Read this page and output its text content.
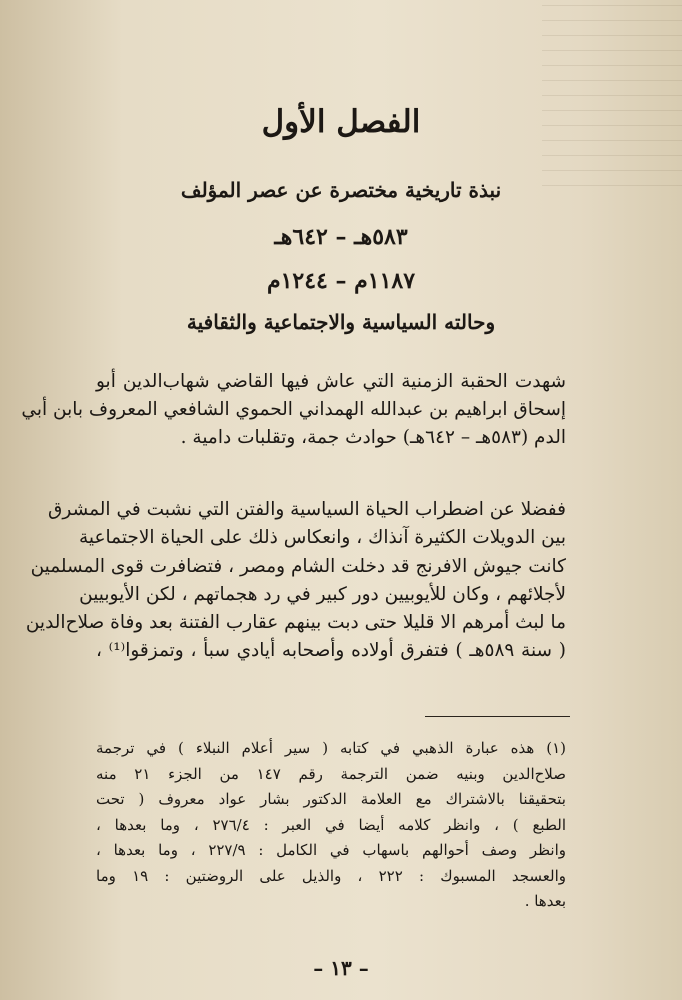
الفصل الأول
نبذة تاريخية مختصرة عن عصر المؤلف
٥٨٣هـ – ٦٤٢هـ
١١٨٧م – ١٢٤٤م
وحالته السياسية والاجتماعية والثقافية
شهدت الحقبة الزمنية التي عاش فيها القاضي شهاب‌الدين أبو
إسحاق ابراهيم بن عبدالله الهمداني الحموي الشافعي المعروف بابن أبي
الدم (٥٨٣هـ – ٦٤٢هـ) حوادث جمة، وتقلبات دامية .
ففضلا عن اضطراب الحياة السياسية والفتن التي نشبت في المشرق
بين الدويلات الكثيرة آنذاك ، وانعكاس ذلك على الحياة الاجتماعية
كانت جيوش الافرنج قد دخلت الشام ومصر ، فتضافرت قوى المسلمين
لأجلائهم ، وكان للأيوبيين دور كبير في رد هجماتهم ، لكن الأيوبيين
ما لبث أمرهم الا قليلا حتى دبت بينهم عقارب الفتنة بعد وفاة صلاح‌الدين
( سنة ٥٨٩هـ ) فتفرق أولاده وأصحابه أيادي سبأ ، وتمزقوا⁽¹⁾ ،
(١) هذه عبارة الذهبي في كتابه ( سير أعلام النبلاء ) في ترجمة
صلاح‌الدين وبنيه ضمن الترجمة رقم ١٤٧ من الجزء ٢١ منه
بتحقيقنا بالاشتراك مع العلامة الدكتور بشار عواد معروف ( تحت
الطبع ) ، وانظر كلامه أيضا في العبر : ٢٧٦/٤ ، وما بعدها ،
وانظر وصف أحوالهم باسهاب في الكامل : ٢٢٧/٩ ، وما بعدها ،
والعسجد المسبوك : ٢٢٢ ، والذيل على الروضتين : ١٩ وما
بعدها .
– ١٣ –
